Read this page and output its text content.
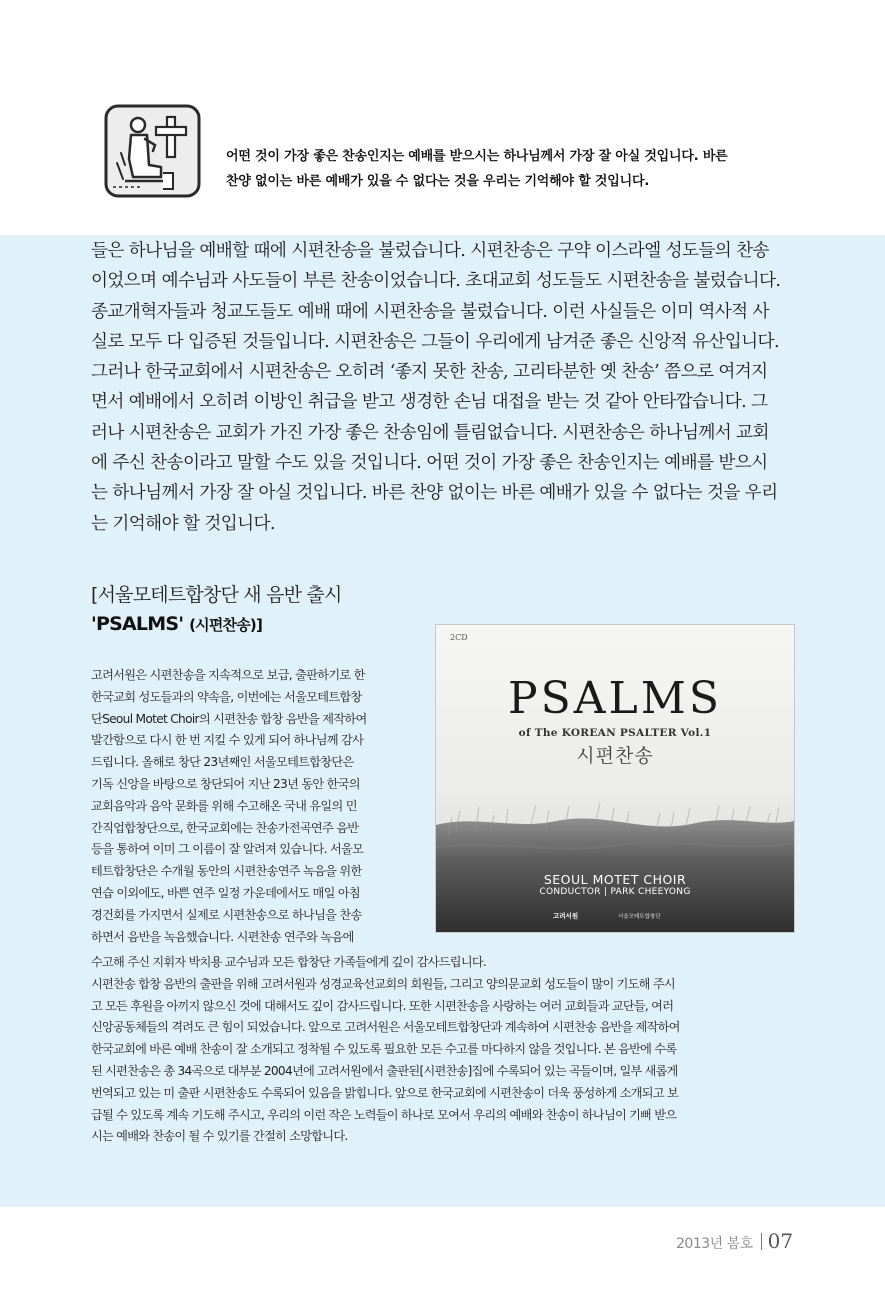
어떤 것이 가장 좋은 찬송인지는 예배를 받으시는 하나님께서 가장 잘 아실 것입니다. 바른
찬양 없이는 바른 예배가 있을 수 없다는 것을 우리는 기억해야 할 것입니다.
들은 하나님을 예배할 때에 시편찬송을 불렀습니다. 시편찬송은 구약 이스라엘 성도들의 찬송
이었으며 예수님과 사도들이 부른 찬송이었습니다. 초대교회 성도들도 시편찬송을 불렀습니다.
종교개혁자들과 청교도들도 예배 때에 시편찬송을 불렀습니다. 이런 사실들은 이미 역사적 사
실로 모두 다 입증된 것들입니다. 시편찬송은 그들이 우리에게 남겨준 좋은 신앙적 유산입니다.
그러나 한국교회에서 시편찬송은 오히려 ‘좋지 못한 찬송, 고리타분한 옛 찬송’ 쯤으로 여겨지
면서 예배에서 오히려 이방인 취급을 받고 생경한 손님 대접을 받는 것 같아 안타깝습니다. 그
러나 시편찬송은 교회가 가진 가장 좋은 찬송임에 틀림없습니다. 시편찬송은 하나님께서 교회
에 주신 찬송이라고 말할 수도 있을 것입니다. 어떤 것이 가장 좋은 찬송인지는 예배를 받으시
는 하나님께서 가장 잘 아실 것입니다. 바른 찬양 없이는 바른 예배가 있을 수 없다는 것을 우리
는 기억해야 할 것입니다.
[서울모테트합창단 새 음반 출시
'PSALMS' (시편찬송)]
2CD
PSALMS
of The KOREAN PSALTER Vol.1
시편찬송
SEOUL MOTET CHOIR
CONDUCTOR | PARK CHEEYONG
고려서원	서울모테트합창단
고려서원은 시편찬송을 지속적으로 보급, 출판하기로 한
한국교회 성도들과의 약속을, 이번에는 서울모테트합창
단Seoul Motet Choir의 시편찬송 합창 음반을 제작하여
발간함으로 다시 한 번 지킬 수 있게 되어 하나님께 감사
드립니다. 올해로 창단 23년째인 서울모테트합창단은
기독 신앙을 바탕으로 창단되어 지난 23년 동안 한국의
교회음악과 음악 문화를 위해 수고해온 국내 유일의 민
간직업합창단으로, 한국교회에는 찬송가전곡연주 음반
등을 통하여 이미 그 이름이 잘 알려져 있습니다. 서울모
테트합창단은 수개월 동안의 시편찬송연주 녹음을 위한
연습 이외에도, 바쁜 연주 일정 가운데에서도 매일 아침
경건회를 가지면서 실제로 시편찬송으로 하나님을 찬송
하면서 음반을 녹음했습니다. 시편찬송 연주와 녹음에
수고해 주신 지휘자 박치용 교수님과 모든 합창단 가족들에게 깊이 감사드립니다.
시편찬송 합창 음반의 출판을 위해 고려서원과 성경교육선교회의 회원들, 그리고 양의문교회 성도들이 많이 기도해 주시
고 모든 후원을 아끼지 않으신 것에 대해서도 깊이 감사드립니다. 또한 시편찬송을 사랑하는 여러 교회들과 교단들, 여러
신앙공동체들의 격려도 큰 힘이 되었습니다. 앞으로 고려서원은 서울모테트합창단과 계속하여 시편찬송 음반을 제작하여
한국교회에 바른 예배 찬송이 잘 소개되고 정착될 수 있도록 필요한 모든 수고를 마다하지 않을 것입니다. 본 음반에 수록
된 시편찬송은 총 34곡으로 대부분 2004년에 고려서원에서 출판된[시편찬송]집에 수록되어 있는 곡들이며, 일부 새롭게
번역되고 있는 미 출판 시편찬송도 수록되어 있음을 밝힙니다. 앞으로 한국교회에 시편찬송이 더욱 풍성하게 소개되고 보
급될 수 있도록 계속 기도해 주시고, 우리의 이런 작은 노력들이 하나로 모여서 우리의 예배와 찬송이 하나님이 기뻐 받으
시는 예배와 찬송이 될 수 있기를 간절히 소망합니다.
2013년 봄호 07
